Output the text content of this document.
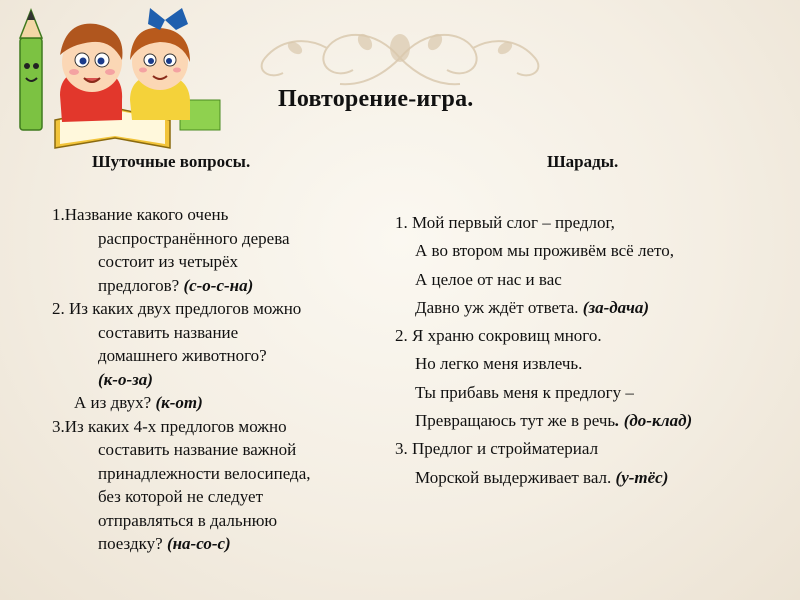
Повторение-игра.
Шуточные вопросы.	Шарады.
1.Название какого очень
распространённого дерева
состоит из четырёх
предлогов? (с-о-с-на)
2. Из каких двух предлогов можно
составить название
домашнего животного?
(к-о-за)
А из двух? (к-от)
3.Из каких 4-х предлогов можно
составить название важной
принадлежности велосипеда,
без которой не следует
отправляться в дальнюю
поездку? (на-со-с)
1. Мой первый слог – предлог,
А во втором мы проживём всё лето,
А целое от нас и вас
Давно уж ждёт ответа. (за-дача)
2. Я храню сокровищ много.
Но легко меня извлечь.
Ты прибавь меня к предлогу –
Превращаюсь тут же в речь. (до-клад)
3. Предлог и стройматериал
Морской выдерживает вал. (у-тёс)
